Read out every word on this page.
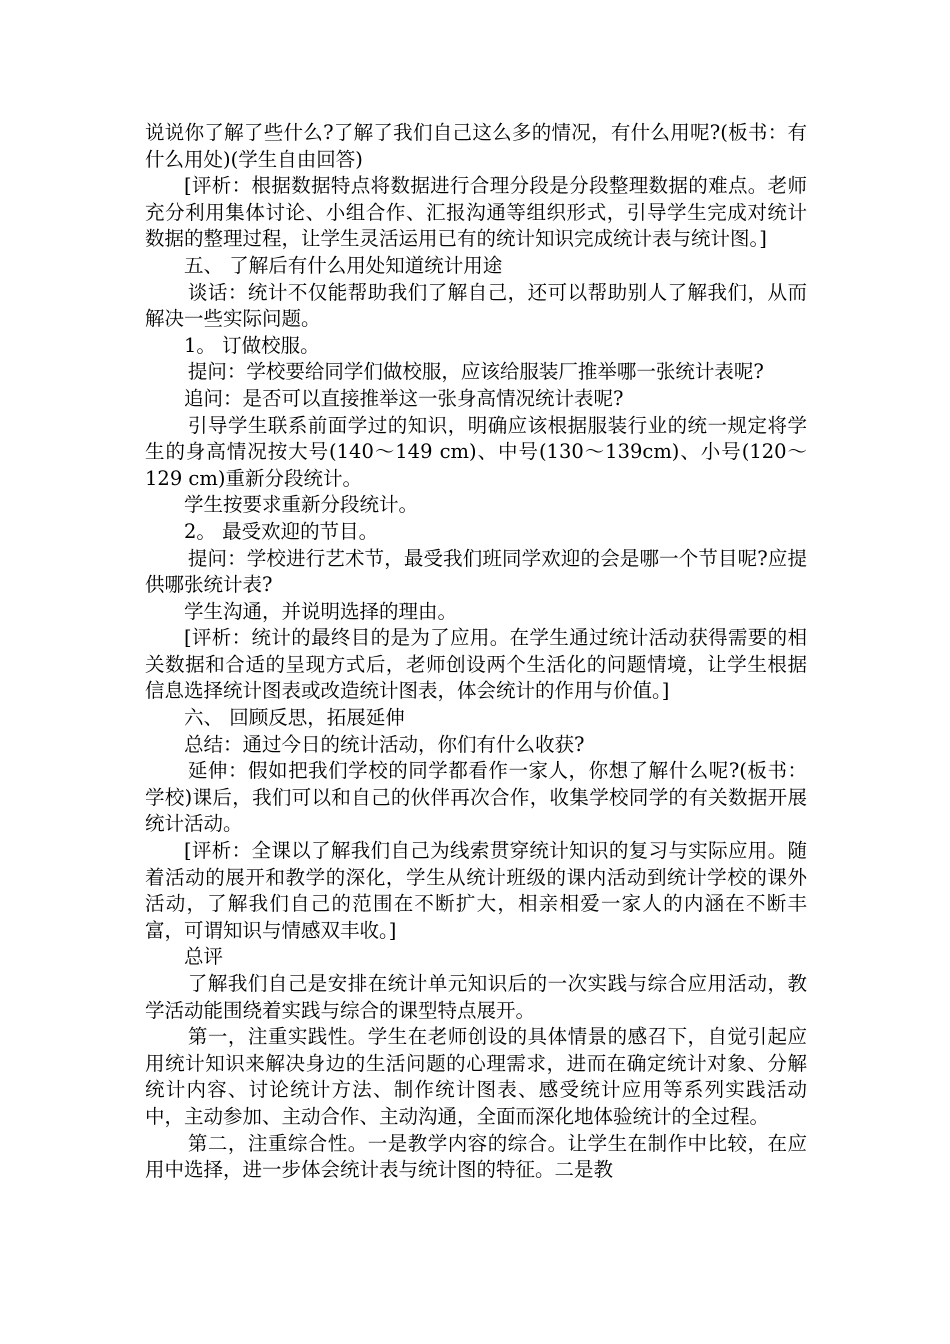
说说你了解了些什么?了解了我们自己这么多的情况，有什么用呢?(板书：有什么用处)(学生自由回答)

[评析：根据数据特点将数据进行合理分段是分段整理数据的难点。老师充分利用集体讨论、小组合作、汇报沟通等组织形式，引导学生完成对统计数据的整理过程，让学生灵活运用已有的统计知识完成统计表与统计图。]

五、 了解后有什么用处知道统计用途

谈话：统计不仅能帮助我们了解自己，还可以帮助别人了解我们，从而解决一些实际问题。

1。 订做校服。

提问：学校要给同学们做校服，应该给服装厂推举哪一张统计表呢?

追问：是否可以直接推举这一张身高情况统计表呢?

引导学生联系前面学过的知识，明确应该根据服装行业的统一规定将学生的身高情况按大号(140～149 cm)、中号(130～139cm)、小号(120～129 cm)重新分段统计。

学生按要求重新分段统计。

2。 最受欢迎的节目。

提问：学校进行艺术节，最受我们班同学欢迎的会是哪一个节目呢?应提供哪张统计表?

学生沟通，并说明选择的理由。

[评析：统计的最终目的是为了应用。在学生通过统计活动获得需要的相关数据和合适的呈现方式后，老师创设两个生活化的问题情境，让学生根据信息选择统计图表或改造统计图表，体会统计的作用与价值。]

六、 回顾反思，拓展延伸

总结：通过今日的统计活动，你们有什么收获?

延伸：假如把我们学校的同学都看作一家人，你想了解什么呢?(板书：学校)课后，我们可以和自己的伙伴再次合作，收集学校同学的有关数据开展统计活动。

[评析：全课以了解我们自己为线索贯穿统计知识的复习与实际应用。随着活动的展开和教学的深化，学生从统计班级的课内活动到统计学校的课外活动，了解我们自己的范围在不断扩大，相亲相爱一家人的内涵在不断丰富，可谓知识与情感双丰收。]

总评

了解我们自己是安排在统计单元知识后的一次实践与综合应用活动，教学活动能围绕着实践与综合的课型特点展开。

第一，注重实践性。学生在老师创设的具体情景的感召下，自觉引起应用统计知识来解决身边的生活问题的心理需求，进而在确定统计对象、分解统计内容、讨论统计方法、制作统计图表、感受统计应用等系列实践活动中，主动参加、主动合作、主动沟通，全面而深化地体验统计的全过程。

第二，注重综合性。一是教学内容的综合。让学生在制作中比较，在应用中选择，进一步体会统计表与统计图的特征。二是教
